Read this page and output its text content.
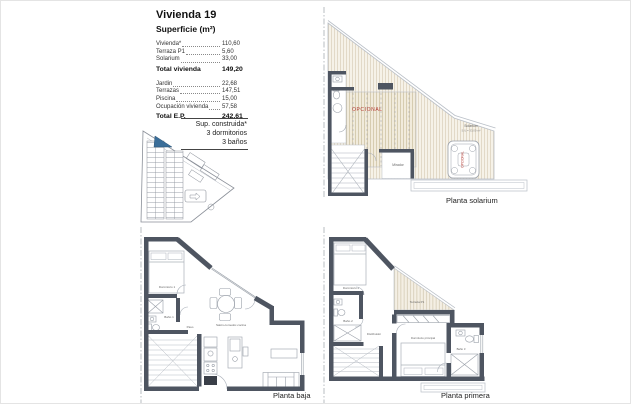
Vivienda 19
Superficie (m²)
Vivienda*	110,60
Terraza P1	5,60
Solarium	33,00
Total vivienda	149,20
Jardin	22,68
Terrazas	147,51
Piscina	15,00
Ocupación vivienda 57,58
Total E.P.	242,61

Sup. construida*

3 dormitorios

3 baños

OPCIONAL
Mirador	OPCIONAL
Solarium
S.U.= 33,00 m²
Planta solarium
Dormitorio 1
Baño 1
Paso	Salón-comedor-cocina
Planta baja
Terraza P1
Dormitorio 2
Baño 2
Distribuidor
Dormitorio principal
Baño 3
Planta primera
